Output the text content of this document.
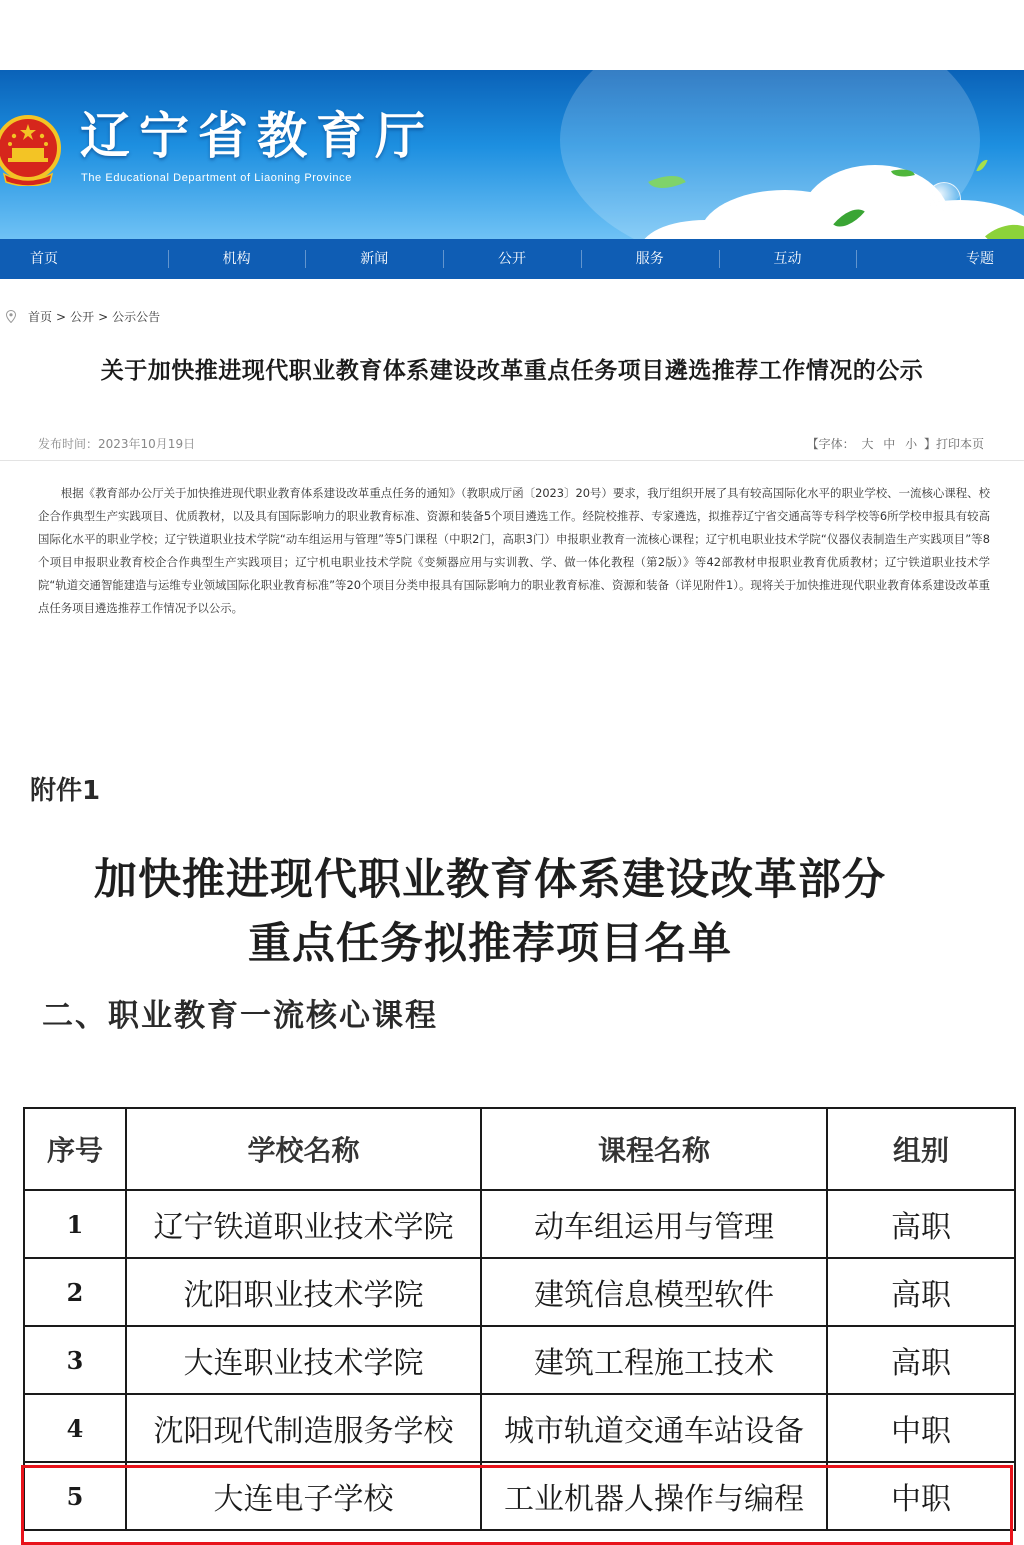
辽宁省教育厅
The Educational Department of Liaoning Province
首页	机构	新闻	公开	服务	互动	专题
首页 > 公开 > 公示公告
关于加快推进现代职业教育体系建设改革重点任务项目遴选推荐工作情况的公示
发布时间：2023年10月19日	【字体： 大 中 小 】打印本页

根据《教育部办公厅关于加快推进现代职业教育体系建设改革重点任务的通知》（教职成厅函〔2023〕20号）要求，我厅组织开展了具有较高国际化水平的职业学校、一流核心课程、校企合作典型生产实践项目、优质教材，以及具有国际影响力的职业教育标准、资源和装备5个项目遴选工作。经院校推荐、专家遴选，拟推荐辽宁省交通高等专科学校等6所学校申报具有较高国际化水平的职业学校；辽宁铁道职业技术学院“动车组运用与管理”等5门课程（中职2门，高职3门）申报职业教育一流核心课程；辽宁机电职业技术学院“仪器仪表制造生产实践项目”等8个项目申报职业教育校企合作典型生产实践项目；辽宁机电职业技术学院《变频器应用与实训教、学、做一体化教程（第2版）》等42部教材申报职业教育优质教材；辽宁铁道职业技术学院“轨道交通智能建造与运维专业领域国际化职业教育标准”等20个项目分类申报具有国际影响力的职业教育标准、资源和装备（详见附件1）。现将关于加快推进现代职业教育体系建设改革重点任务项目遴选推荐工作情况予以公示。

附件1
加快推进现代职业教育体系建设改革部分
重点任务拟推荐项目名单
二、职业教育一流核心课程
序号	学校名称	课程名称	组别
1	辽宁铁道职业技术学院	动车组运用与管理	高职
2	沈阳职业技术学院	建筑信息模型软件	高职
3	大连职业技术学院	建筑工程施工技术	高职
4	沈阳现代制造服务学校	城市轨道交通车站设备	中职
5	大连电子学校	工业机器人操作与编程	中职
